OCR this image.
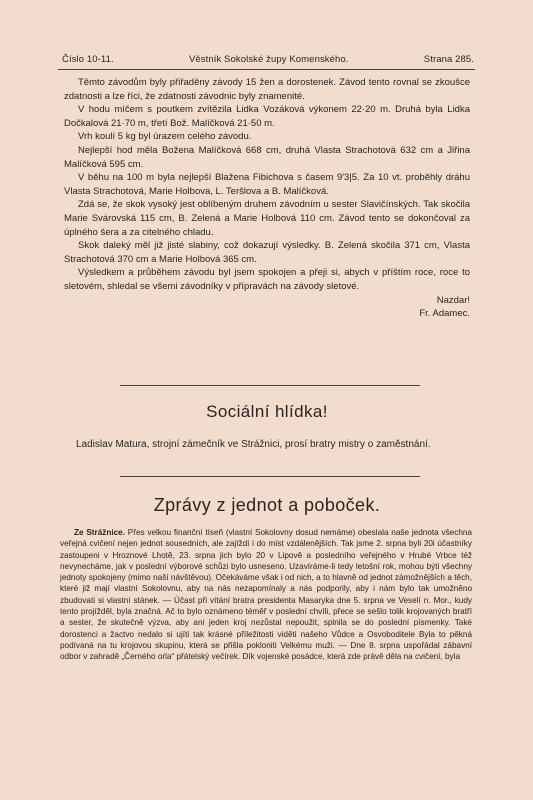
Číslo 10-11.	Věstník Sokolské župy Komenského.	Strana 285.

Těmto závodům byly přiřaděny závody 15 žen a dorostenek. Závod tento rovnal se zkoušce zdatnosti a lze říci, že zdatnosti závodnic byly znamenité.

V hodu míčem s poutkem zvítězila Lidka Vozáková výkonem 22·20 m. Druhá byla Lidka Dočkalová 21·70 m, třetí Bož. Malíčková 21·50 m.

Vrh koulí 5 kg byl úrazem celého závodu.

Nejlepší hod měla Božena Malíčková 668 cm, druhá Vlasta Strachotová 632 cm a Jiřina Malíčková 595 cm.

V běhu na 100 m byla nejlepší Blažena Fibichova s časem 9'3|5. Za 10 vt. proběhly dráhu Vlasta Strachotová, Marie Holbova, L. Teršlova a B. Malíčková.

Zdá se, že skok vysoký jest oblíbeným druhem závodním u sester Slavičínských. Tak skočila Marie Svárovská 115 cm, B. Zelená a Marie Holbová 110 cm. Závod tento se dokončoval za úplného šera a za citelného chladu.

Skok daleký měl již jisté slabiny, což dokazují výsledky. B. Zelená skočila 371 cm, Vlasta Strachotová 370 cm a Marie Holbová 365 cm.

Výsledkem a průběhem závodu byl jsem spokojen a přeji si, abych v příštím roce, roce to sletovém, shledal se všemi závodníky v přípravách na závody sletové.

Nazdar!
Fr. Adamec.
Sociální hlídka!
Ladislav Matura, strojní zámečník ve Strážnici, prosí bratry mistry o zaměstnání.
Zprávy z jednot a poboček.
Ze Strážnice. Přes velkou finanční tíseň (vlastní Sokolovny dosud nemáme) obeslala naše jednota všechna veřejná cvičení nejen jednot sousedních, ale zajíždí i do míst vzdálenějších. Tak jsme 2. srpna byli 20i účastníky zastoupeni v Hroznové Lhotě, 23. srpna jich bylo 20 v Lipově a posledního veřejného v Hrubé Vrbce též nevynecháme, jak v poslední výborové schůzi bylo usneseno. Uzavíráme-li tedy letošní rok, mohou býti všechny jednoty spokojeny (mimo naší návštěvou). Očekáváme však i od nich, a to hlavně od jednot zámožnějších a těch, které již mají vlastní Sokolovnu, aby na nás nezapomínaly a nás podporily, aby i nám bylo tak umožněno zbudovati si vlastní stánek. — Účast při vítání bratra presidenta Masaryka dne 5. srpna ve Veselí n. Mor., kudy tento projížděl, byla značná. Ač to bylo oznámeno téměř v poslední chvíli, přece se sešlo tolik krojovaných bratří a sester, že skutečně výzva, aby ani jeden kroj nezůstal nepoužit, splnila se do poslední písmenky. Také dorostenci a žactvo nedalo si ujíti tak krásné příležitosti viděti našeho Vůdce a Osvoboditele Byla to pěkná podívaná na tu krojovou skupinu, která se přišla pokloniti Velkému muži. — Dne 8. srpna uspořádal zábavní odbor v zahradě „Černého orla“ přátelský večírek. Dík vojenské posádce, která zde právě děla na cvičení, byla
